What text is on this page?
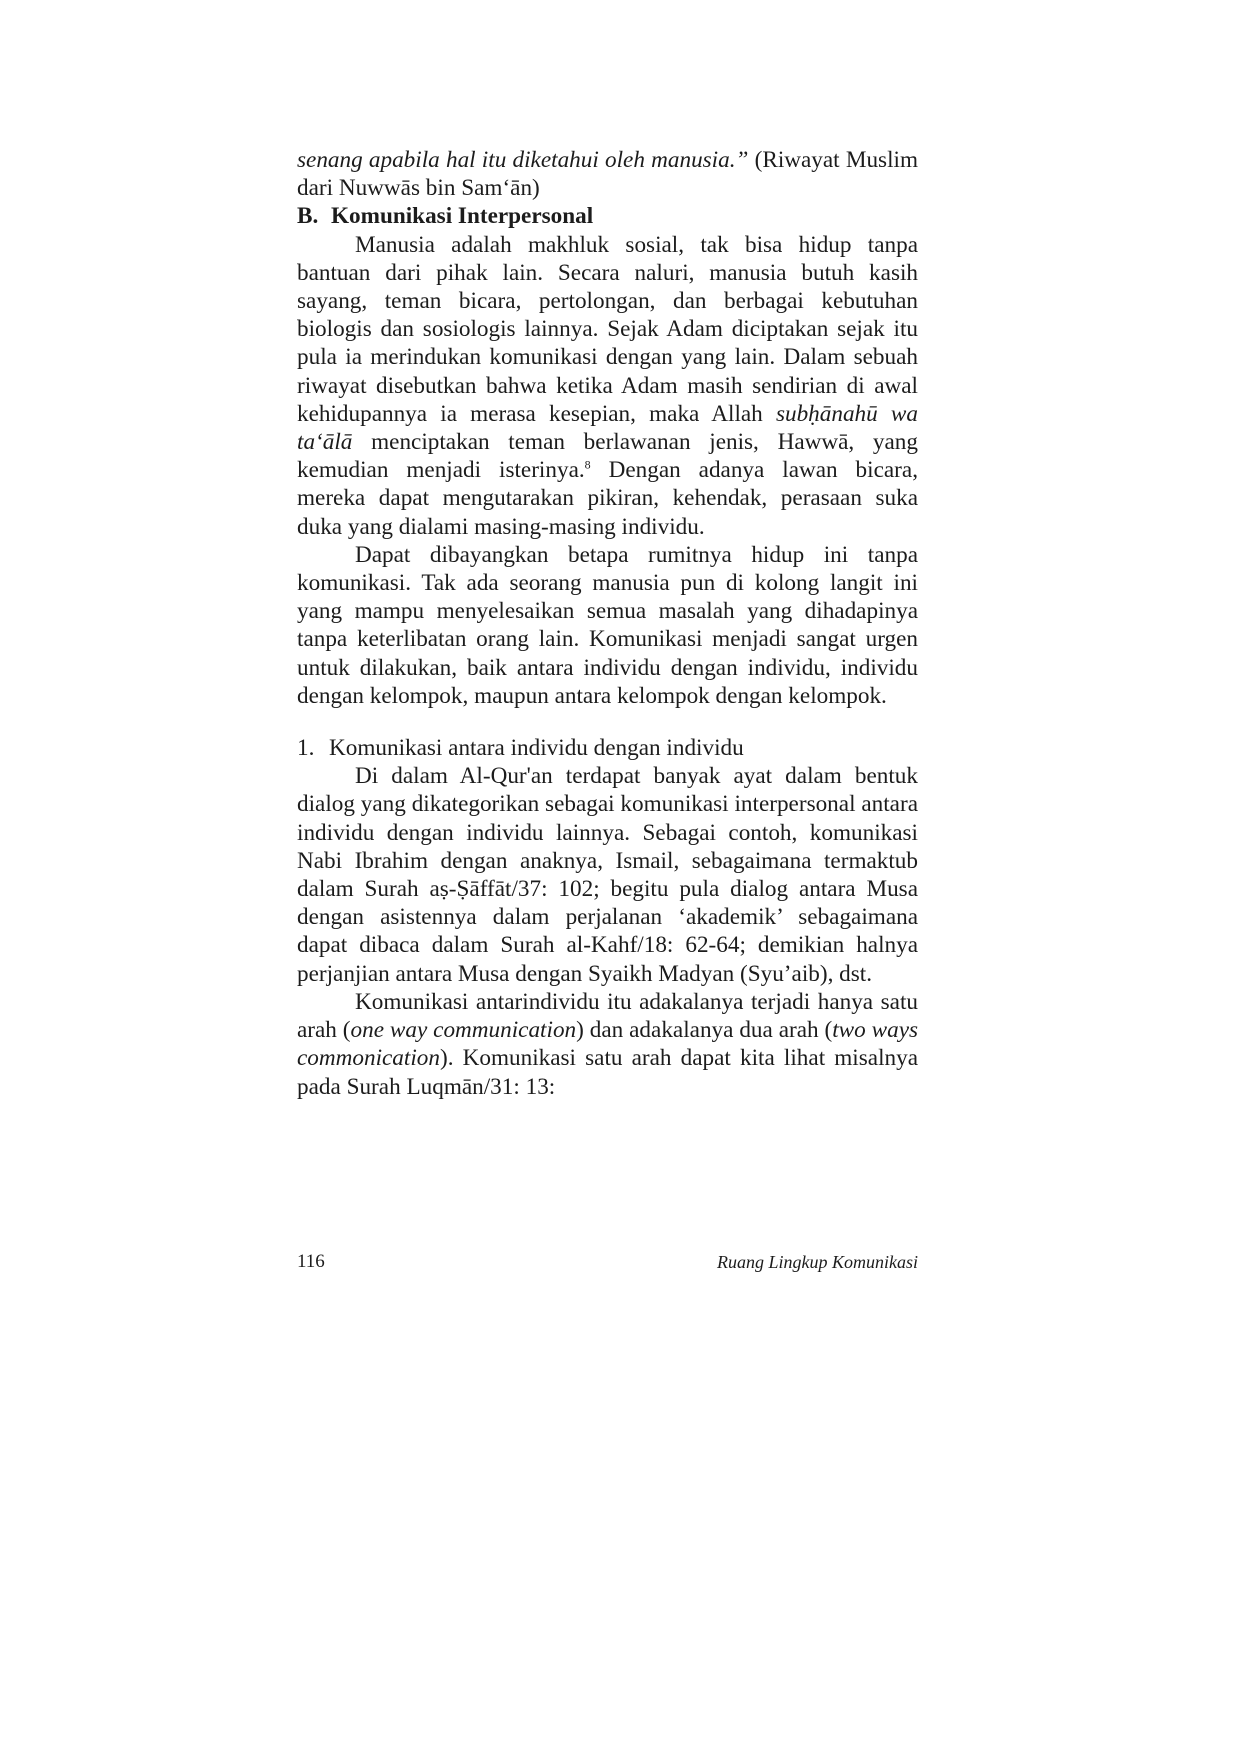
senang apabila hal itu diketahui oleh manusia.” (Riwayat Muslim dari Nuwwās bin Sam‘ān)

B. Komunikasi Interpersonal

Manusia adalah makhluk sosial, tak bisa hidup tanpa bantuan dari pihak lain. Secara naluri, manusia butuh kasih sayang, teman bicara, pertolongan, dan berbagai kebutuhan biologis dan sosiologis lainnya. Sejak Adam diciptakan sejak itu pula ia merindukan komunikasi dengan yang lain. Dalam sebuah riwayat disebutkan bahwa ketika Adam masih sendirian di awal kehidupannya ia merasa kesepian, maka Allah subḥānahū wa ta‘ālā menciptakan teman berlawanan jenis, Hawwā, yang kemudian menjadi isterinya.$^8$ Dengan adanya lawan bicara, mereka dapat mengutarakan pikiran, kehendak, perasaan suka duka yang dialami masing-masing individu.

Dapat dibayangkan betapa rumitnya hidup ini tanpa komunikasi. Tak ada seorang manusia pun di kolong langit ini yang mampu menyelesaikan semua masalah yang dihadapinya tanpa keterlibatan orang lain. Komunikasi menjadi sangat urgen untuk dilakukan, baik antara individu dengan individu, individu dengan kelompok, maupun antara kelompok dengan kelompok.

1. Komunikasi antara individu dengan individu

Di dalam Al-Qur'an terdapat banyak ayat dalam bentuk dialog yang dikategorikan sebagai komunikasi interpersonal antara individu dengan individu lainnya. Sebagai contoh, komunikasi Nabi Ibrahim dengan anaknya, Ismail, sebagaimana termaktub dalam Surah aṣ-Ṣāffāt/37: 102; begitu pula dialog antara Musa dengan asistennya dalam perjalanan ‘akademik’ sebagaimana dapat dibaca dalam Surah al-Kahf/18: 62-64; demikian halnya perjanjian antara Musa dengan Syaikh Madyan (Syu’aib), dst.

Komunikasi antarindividu itu adakalanya terjadi hanya satu arah (one way communication) dan adakalanya dua arah (two ways commonication). Komunikasi satu arah dapat kita lihat misalnya pada Surah Luqmān/31: 13:

116	Ruang Lingkup Komunikasi
